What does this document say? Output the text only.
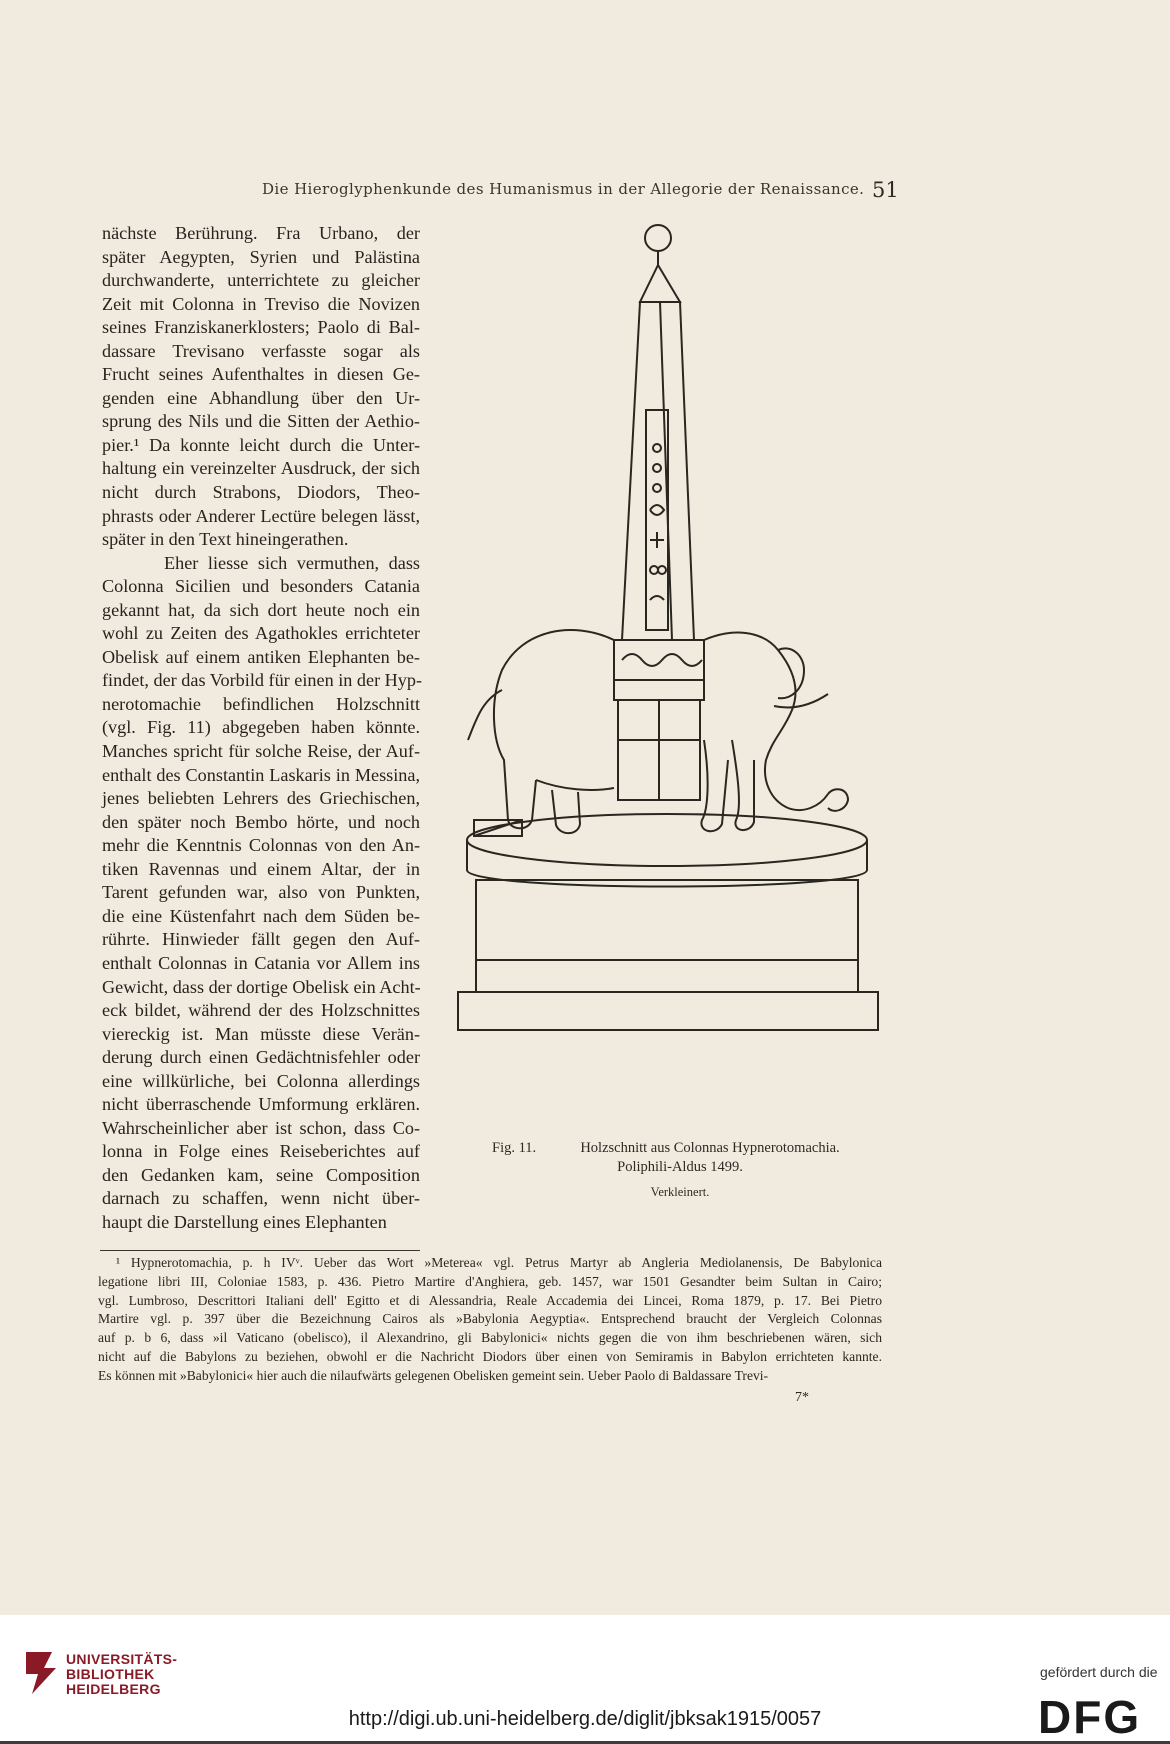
Die Hieroglyphenkunde des Humanismus in der Allegorie der Renaissance. 51
nächste Berührung. Fra Urbano, der
später Aegypten, Syrien und Palästina
durchwanderte, unterrichtete zu gleicher
Zeit mit Colonna in Treviso die Novizen
seines Franziskanerklosters; Paolo di Bal-
dassare Trevisano verfasste sogar als
Frucht seines Aufenthaltes in diesen Ge-
genden eine Abhandlung über den Ur-
sprung des Nils und die Sitten der Aethio-
pier.¹ Da konnte leicht durch die Unter-
haltung ein vereinzelter Ausdruck, der sich
nicht durch Strabons, Diodors, Theo-
phrasts oder Anderer Lectüre belegen lässt,
später in den Text hineingerathen.
Eher liesse sich vermuthen, dass
Colonna Sicilien und besonders Catania
gekannt hat, da sich dort heute noch ein
wohl zu Zeiten des Agathokles errichteter
Obelisk auf einem antiken Elephanten be-
findet, der das Vorbild für einen in der Hyp-
nerotomachie befindlichen Holzschnitt
(vgl. Fig. 11) abgegeben haben könnte.
Manches spricht für solche Reise, der Auf-
enthalt des Constantin Laskaris in Messina,
jenes beliebten Lehrers des Griechischen,
den später noch Bembo hörte, und noch
mehr die Kenntnis Colonnas von den An-
tiken Ravennas und einem Altar, der in
Tarent gefunden war, also von Punkten,
die eine Küstenfahrt nach dem Süden be-
rührte. Hinwieder fällt gegen den Auf-
enthalt Colonnas in Catania vor Allem ins
Gewicht, dass der dortige Obelisk ein Acht-
eck bildet, während der des Holzschnittes
viereckig ist. Man müsste diese Verän-
derung durch einen Gedächtnisfehler oder
eine willkürliche, bei Colonna allerdings
nicht überraschende Umformung erklären.
Wahrscheinlicher aber ist schon, dass Co-
lonna in Folge eines Reiseberichtes auf
den Gedanken kam, seine Composition
darnach zu schaffen, wenn nicht über-
haupt die Darstellung eines Elephanten
Fig. 11.	Holzschnitt aus Colonnas Hypnerotomachia.
Poliphili-Aldus 1499.
Verkleinert.
¹ Hypnerotomachia, p. h IVᵛ. Ueber das Wort »Meterea« vgl. Petrus Martyr ab Angleria Mediolanensis, De Babylonica
legatione libri III, Coloniae 1583, p. 436. Pietro Martire d'Anghiera, geb. 1457, war 1501 Gesandter beim Sultan in Cairo;
vgl. Lumbroso, Descrittori Italiani dell' Egitto et di Alessandria, Reale Accademia dei Lincei, Roma 1879, p. 17. Bei Pietro
Martire vgl. p. 397 über die Bezeichnung Cairos als »Babylonia Aegyptia«. Entsprechend braucht der Vergleich Colonnas
auf p. b 6, dass »il Vaticano (obelisco), il Alexandrino, gli Babylonici« nichts gegen die von ihm beschriebenen wären, sich
nicht auf die Babylons zu beziehen, obwohl er die Nachricht Diodors über einen von Semiramis in Babylon errichteten kannte.
Es können mit »Babylonici« hier auch die nilaufwärts gelegenen Obelisken gemeint sein. Ueber Paolo di Baldassare Trevi-
7*
UNIVERSITÄTS-
BIBLIOTHEK
HEIDELBERG
http://digi.ub.uni-heidelberg.de/diglit/jbksak1915/0057
gefördert durch die
DFG
